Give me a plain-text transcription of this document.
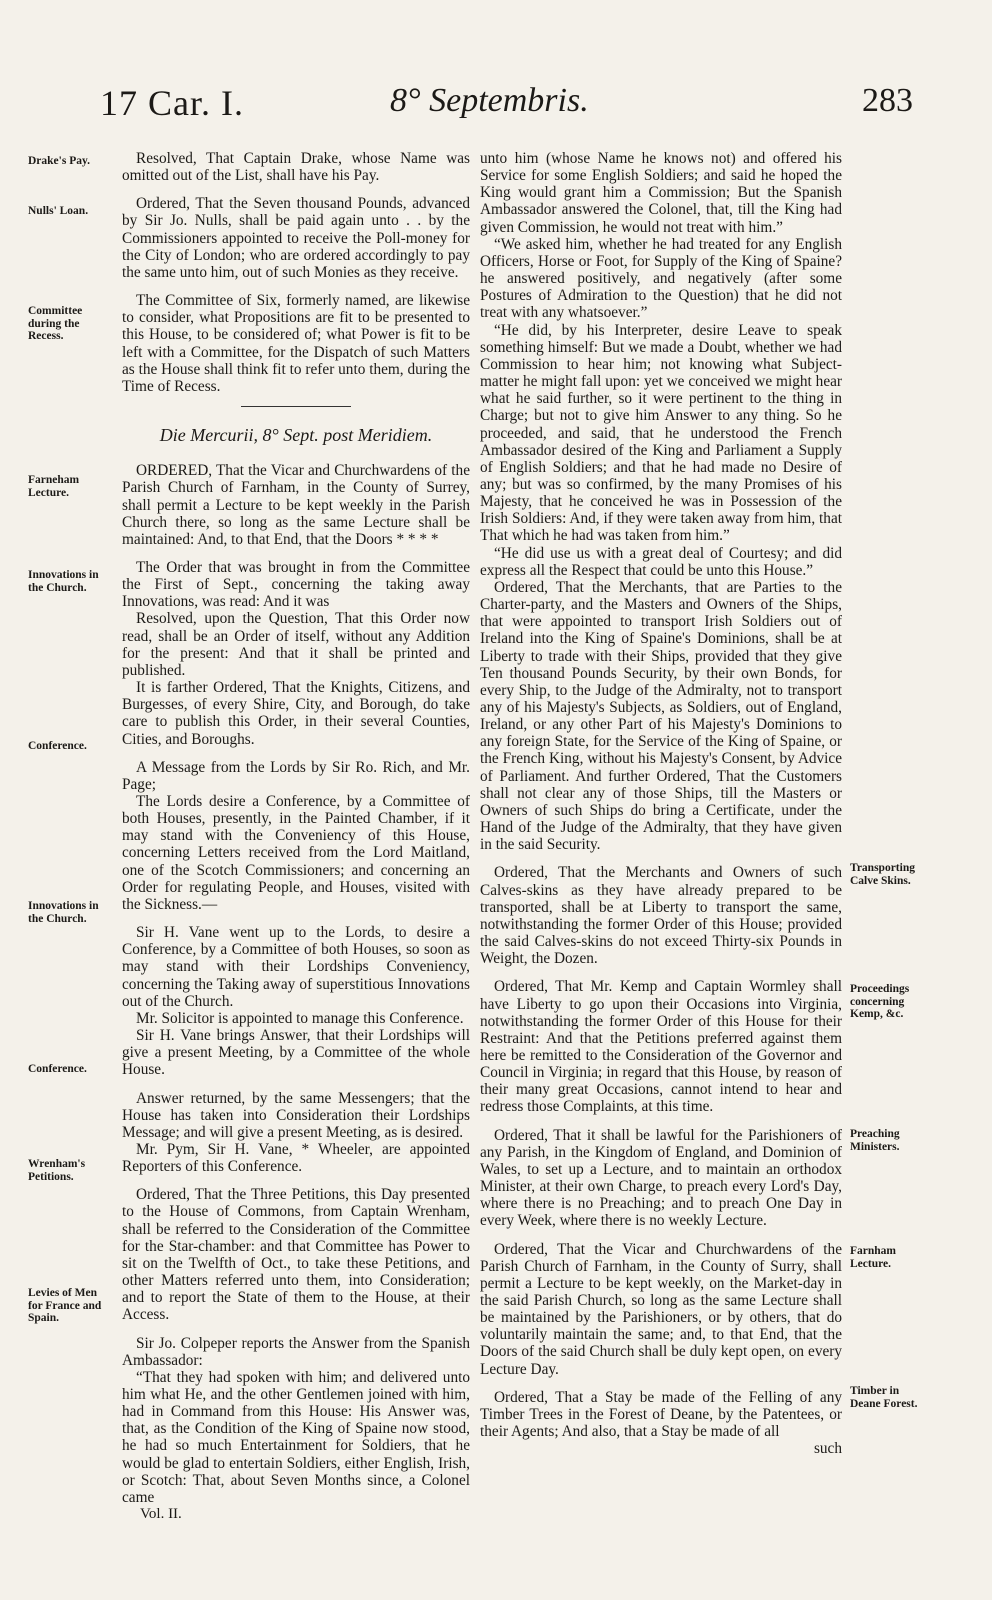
17 Car. I.	8° Septembris.	283
Drake's Pay.
Nulls' Loan.
Committee during the Recess.
Farneham Lecture.
Innovations in the Church.
Conference.
Innovations in the Church.
Conference.
Wrenham's Petitions.
Levies of Men for France and Spain.
Transporting Calve Skins.
Proceedings concerning Kemp, &c.
Preaching Ministers.
Farnham Lecture.
Timber in Deane Forest.

Resolved, That Captain Drake, whose Name was omitted out of the List, shall have his Pay.

Ordered, That the Seven thousand Pounds, advanced by Sir Jo. Nulls, shall be paid again unto . . by the Commissioners appointed to receive the Poll-money for the City of London; who are ordered accordingly to pay the same unto him, out of such Monies as they receive.

The Committee of Six, formerly named, are likewise to consider, what Propositions are fit to be presented to this House, to be considered of; what Power is fit to be left with a Committee, for the Dispatch of such Matters as the House shall think fit to refer unto them, during the Time of Recess.

Die Mercurii, 8° Sept. post Meridiem.

ORDERED, That the Vicar and Churchwardens of the Parish Church of Farnham, in the County of Surrey, shall permit a Lecture to be kept weekly in the Parish Church there, so long as the same Lecture shall be maintained: And, to that End, that the Doors * * * *

The Order that was brought in from the Committee the First of Sept., concerning the taking away Innovations, was read: And it was

Resolved, upon the Question, That this Order now read, shall be an Order of itself, without any Addition for the present: And that it shall be printed and published.

It is farther Ordered, That the Knights, Citizens, and Burgesses, of every Shire, City, and Borough, do take care to publish this Order, in their several Counties, Cities, and Boroughs.

A Message from the Lords by Sir Ro. Rich, and Mr. Page;

The Lords desire a Conference, by a Committee of both Houses, presently, in the Painted Chamber, if it may stand with the Conveniency of this House, concerning Letters received from the Lord Maitland, one of the Scotch Commissioners; and concerning an Order for regulating People, and Houses, visited with the Sickness.—

Sir H. Vane went up to the Lords, to desire a Conference, by a Committee of both Houses, so soon as may stand with their Lordships Conveniency, concerning the Taking away of superstitious Innovations out of the Church.

Mr. Solicitor is appointed to manage this Conference.

Sir H. Vane brings Answer, that their Lordships will give a present Meeting, by a Committee of the whole House.

Answer returned, by the same Messengers; that the House has taken into Consideration their Lordships Message; and will give a present Meeting, as is desired.

Mr. Pym, Sir H. Vane, * Wheeler, are appointed Reporters of this Conference.

Ordered, That the Three Petitions, this Day presented to the House of Commons, from Captain Wrenham, shall be referred to the Consideration of the Committee for the Star-chamber: and that Committee has Power to sit on the Twelfth of Oct., to take these Petitions, and other Matters referred unto them, into Consideration; and to report the State of them to the House, at their Access.

Sir Jo. Colpeper reports the Answer from the Spanish Ambassador:

“That they had spoken with him; and delivered unto him what He, and the other Gentlemen joined with him, had in Command from this House: His Answer was, that, as the Condition of the King of Spaine now stood, he had so much Entertainment for Soldiers, that he would be glad to entertain Soldiers, either English, Irish, or Scotch: That, about Seven Months since, a Colonel came

Vol. II.

unto him (whose Name he knows not) and offered his Service for some English Soldiers; and said he hoped the King would grant him a Commission; But the Spanish Ambassador answered the Colonel, that, till the King had given Commission, he would not treat with him.”

“We asked him, whether he had treated for any English Officers, Horse or Foot, for Supply of the King of Spaine? he answered positively, and negatively (after some Postures of Admiration to the Question) that he did not treat with any whatsoever.”

“He did, by his Interpreter, desire Leave to speak something himself: But we made a Doubt, whether we had Commission to hear him; not knowing what Subject-matter he might fall upon: yet we conceived we might hear what he said further, so it were pertinent to the thing in Charge; but not to give him Answer to any thing. So he proceeded, and said, that he understood the French Ambassador desired of the King and Parliament a Supply of English Soldiers; and that he had made no Desire of any; but was so confirmed, by the many Promises of his Majesty, that he conceived he was in Possession of the Irish Soldiers: And, if they were taken away from him, that That which he had was taken from him.”

“He did use us with a great deal of Courtesy; and did express all the Respect that could be unto this House.”

Ordered, That the Merchants, that are Parties to the Charter-party, and the Masters and Owners of the Ships, that were appointed to transport Irish Soldiers out of Ireland into the King of Spaine's Dominions, shall be at Liberty to trade with their Ships, provided that they give Ten thousand Pounds Security, by their own Bonds, for every Ship, to the Judge of the Admiralty, not to transport any of his Majesty's Subjects, as Soldiers, out of England, Ireland, or any other Part of his Majesty's Dominions to any foreign State, for the Service of the King of Spaine, or the French King, without his Majesty's Consent, by Advice of Parliament. And further Ordered, That the Customers shall not clear any of those Ships, till the Masters or Owners of such Ships do bring a Certificate, under the Hand of the Judge of the Admiralty, that they have given in the said Security.

Ordered, That the Merchants and Owners of such Calves-skins as they have already prepared to be transported, shall be at Liberty to transport the same, notwithstanding the former Order of this House; provided the said Calves-skins do not exceed Thirty-six Pounds in Weight, the Dozen.

Ordered, That Mr. Kemp and Captain Wormley shall have Liberty to go upon their Occasions into Virginia, notwithstanding the former Order of this House for their Restraint: And that the Petitions preferred against them here be remitted to the Consideration of the Governor and Council in Virginia; in regard that this House, by reason of their many great Occasions, cannot intend to hear and redress those Complaints, at this time.

Ordered, That it shall be lawful for the Parishioners of any Parish, in the Kingdom of England, and Dominion of Wales, to set up a Lecture, and to maintain an orthodox Minister, at their own Charge, to preach every Lord's Day, where there is no Preaching; and to preach One Day in every Week, where there is no weekly Lecture.

Ordered, That the Vicar and Churchwardens of the Parish Church of Farnham, in the County of Surry, shall permit a Lecture to be kept weekly, on the Market-day in the said Parish Church, so long as the same Lecture shall be maintained by the Parishioners, or by others, that do voluntarily maintain the same; and, to that End, that the Doors of the said Church shall be duly kept open, on every Lecture Day.

Ordered, That a Stay be made of the Felling of any Timber Trees in the Forest of Deane, by the Patentees, or their Agents; And also, that a Stay be made of all

such
